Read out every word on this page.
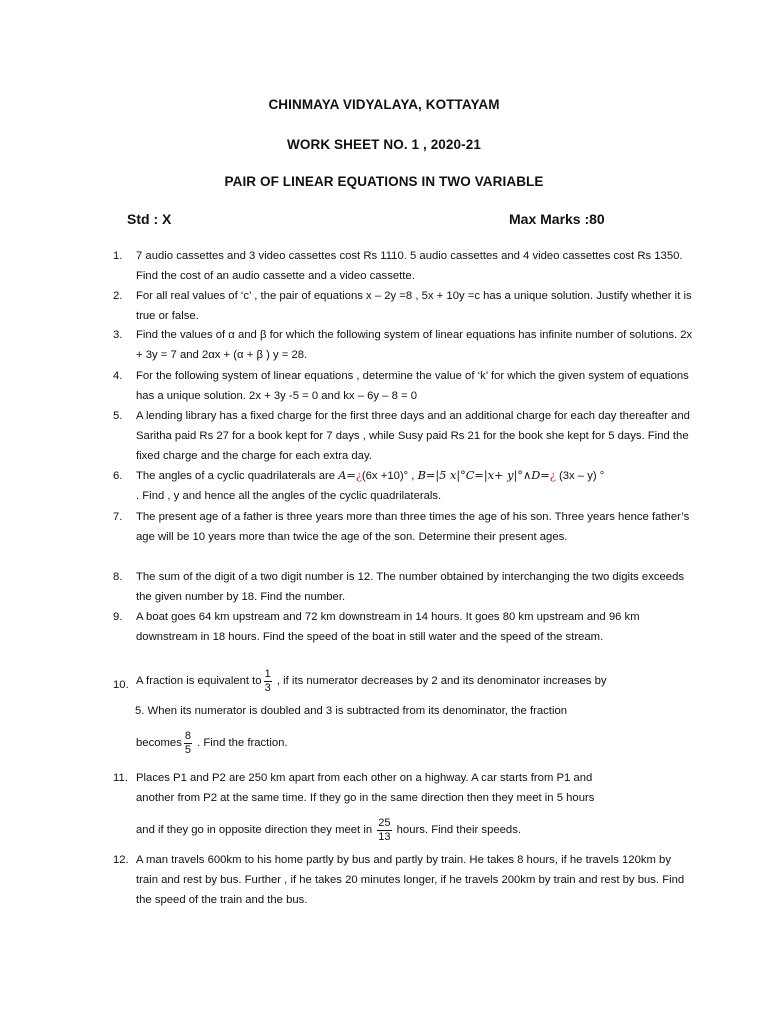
CHINMAYA VIDYALAYA, KOTTAYAM
WORK SHEET NO. 1 , 2020-21
PAIR OF LINEAR EQUATIONS IN TWO VARIABLE
Std : X	Max Marks :80
1. 7 audio cassettes and 3 video cassettes cost Rs 1110. 5 audio cassettes and 4 video cassettes cost Rs 1350. Find the cost of an audio cassette and a video cassette.
2. For all real values of ‘c’ , the pair of equations x – 2y =8 , 5x + 10y =c has a unique solution. Justify whether it is true or false.
3. Find the values of α and β for which the following system of linear equations has infinite number of solutions. 2x + 3y = 7 and 2αx + (α + β ) y = 28.
4. For the following system of linear equations , determine the value of ‘k’ for which the given system of equations has a unique solution. 2x + 3y -5 = 0 and kx – 6y – 8 = 0
5. A lending library has a fixed charge for the first three days and an additional charge for each day thereafter and Saritha paid Rs 27 for a book kept for 7 days , while Susy paid Rs 21 for the book she kept for 5 days. Find the fixed charge and the charge for each extra day.
6. The angles of a cyclic quadrilaterals are A=¿(6x +10)° , B=|5 x|°C=|x+ y|°∧D=¿ (3x – y) °
. Find , y and hence all the angles of the cyclic quadrilaterals.
7. The present age of a father is three years more than three times the age of his son. Three years hence father’s age will be 10 years more than twice the age of the son. Determine their present ages.
8. The sum of the digit of a two digit number is 12. The number obtained by interchanging the two digits exceeds the given number by 18. Find the number.
9. A boat goes 64 km upstream and 72 km downstream in 14 hours. It goes 80 km upstream and 96 km downstream in 18 hours. Find the speed of the boat in still water and the speed of the stream.
10. A fraction is equivalent to $\frac{1}{3}$ , if its numerator decreases by 2 and its denominator increases by

5. When its numerator is doubled and 3 is subtracted from its denominator, the fraction
becomes $\frac{8}{5}$ . Find the fraction.
11. Places P1 and P2 are 250 km apart from each other on a highway. A car starts from P1 and
another from P2 at the same time. If they go in the same direction then they meet in 5 hours
and if they go in opposite direction they meet in $\frac{25}{13}$ hours. Find their speeds.
12. A man travels 600km to his home partly by bus and partly by train. He takes 8 hours, if he travels 120km by train and rest by bus. Further , if he takes 20 minutes longer, if he travels 200km by train and rest by bus. Find the speed of the train and the bus.
